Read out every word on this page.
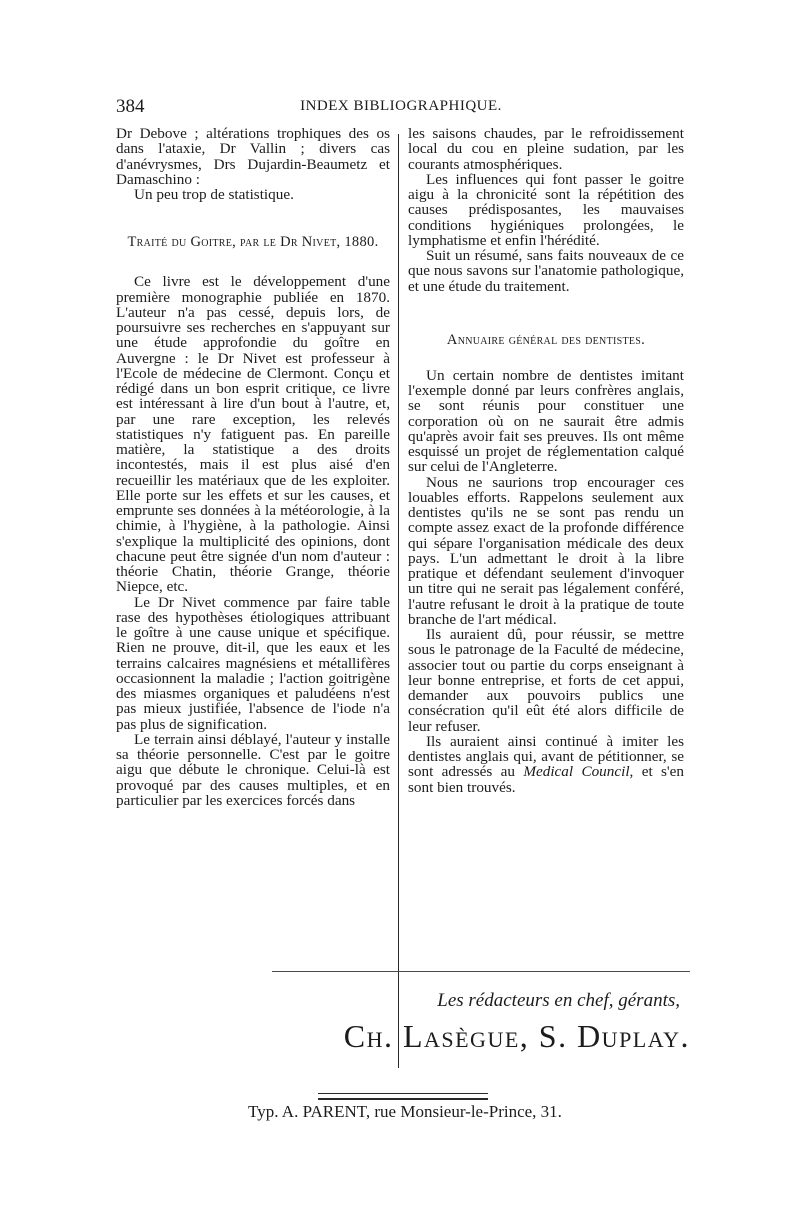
384	INDEX BIBLIOGRAPHIQUE.

Dr Debove ; altérations trophiques des os dans l'ataxie, Dr Vallin ; divers cas d'anévrysmes, Drs Dujardin-Beaumetz et Damaschino :

Un peu trop de statistique.

Traité du Goitre, par le Dr Nivet, 1880.

Ce livre est le développement d'une première monographie publiée en 1870. L'auteur n'a pas cessé, depuis lors, de poursuivre ses recherches en s'appuyant sur une étude approfondie du goître en Auvergne : le Dr Nivet est professeur à l'Ecole de médecine de Clermont. Conçu et rédigé dans un bon esprit critique, ce livre est intéressant à lire d'un bout à l'autre, et, par une rare exception, les relevés statistiques n'y fatiguent pas. En pareille matière, la statistique a des droits incontestés, mais il est plus aisé d'en recueillir les matériaux que de les exploiter. Elle porte sur les effets et sur les causes, et emprunte ses données à la météorologie, à la chimie, à l'hygiène, à la pathologie. Ainsi s'explique la multiplicité des opinions, dont chacune peut être signée d'un nom d'auteur : théorie Chatin, théorie Grange, théorie Niepce, etc.

Le Dr Nivet commence par faire table rase des hypothèses étiologiques attribuant le goître à une cause unique et spécifique. Rien ne prouve, dit-il, que les eaux et les terrains calcaires magnésiens et métallifères occasionnent la maladie ; l'action goitrigène des miasmes organiques et paludéens n'est pas mieux justifiée, l'absence de l'iode n'a pas plus de signification.

Le terrain ainsi déblayé, l'auteur y installe sa théorie personnelle. C'est par le goitre aigu que débute le chronique. Celui-là est provoqué par des causes multiples, et en particulier par les exercices forcés dans

les saisons chaudes, par le refroidissement local du cou en pleine sudation, par les courants atmosphériques.

Les influences qui font passer le goitre aigu à la chronicité sont la répétition des causes prédisposantes, les mauvaises conditions hygiéniques prolongées, le lymphatisme et enfin l'hérédité.

Suit un résumé, sans faits nouveaux de ce que nous savons sur l'anatomie pathologique, et une étude du traitement.

Annuaire général des dentistes.

Un certain nombre de dentistes imitant l'exemple donné par leurs confrères anglais, se sont réunis pour constituer une corporation où on ne saurait être admis qu'après avoir fait ses preuves. Ils ont même esquissé un projet de réglementation calqué sur celui de l'Angleterre.

Nous ne saurions trop encourager ces louables efforts. Rappelons seulement aux dentistes qu'ils ne se sont pas rendu un compte assez exact de la profonde différence qui sépare l'organisation médicale des deux pays. L'un admettant le droit à la libre pratique et défendant seulement d'invoquer un titre qui ne serait pas légalement conféré, l'autre refusant le droit à la pratique de toute branche de l'art médical.

Ils auraient dû, pour réussir, se mettre sous le patronage de la Faculté de médecine, associer tout ou partie du corps enseignant à leur bonne entreprise, et forts de cet appui, demander aux pouvoirs publics une consécration qu'il eût été alors difficile de leur refuser.

Ils auraient ainsi continué à imiter les dentistes anglais qui, avant de pétitionner, se sont adressés au Medical Council, et s'en sont bien trouvés.

Les rédacteurs en chef, gérants,
Ch. Lasègue, S. Duplay.
Typ. A. PARENT, rue Monsieur-le-Prince, 31.
